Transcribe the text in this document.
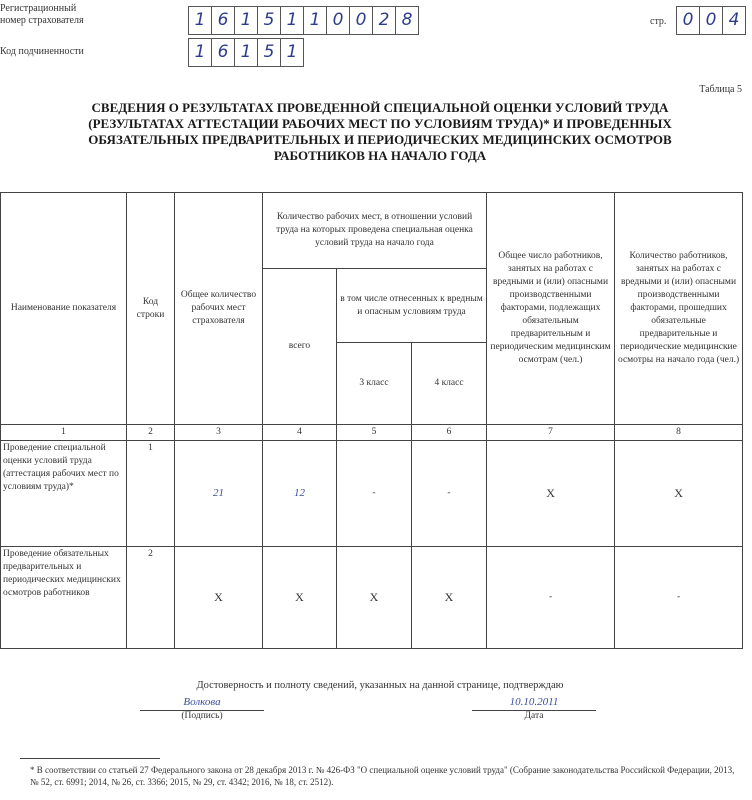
Регистрационный
номер страхователя	1 6 1 5 1 1 0 0 2 8	стр. 0 0 4
Код подчиненности	1 6 1 5 1
Таблица 5
СВЕДЕНИЯ О РЕЗУЛЬТАТАХ ПРОВЕДЕННОЙ СПЕЦИАЛЬНОЙ ОЦЕНКИ УСЛОВИЙ ТРУДА
(РЕЗУЛЬТАТАХ АТТЕСТАЦИИ РАБОЧИХ МЕСТ ПО УСЛОВИЯМ ТРУДА)* И ПРОВЕДЕННЫХ
ОБЯЗАТЕЛЬНЫХ ПРЕДВАРИТЕЛЬНЫХ И ПЕРИОДИЧЕСКИХ МЕДИЦИНСКИХ ОСМОТРОВ
РАБОТНИКОВ НА НАЧАЛО ГОДА
Наименование показателя	Код строки	Общее количество рабочих мест страхователя	Количество рабочих мест, в отношении условий труда на которых проведена специальная оценка условий труда на начало года			Общее число работников, занятых на работах с вредными и (или) опасными производственными факторами, подлежащих обязательным предварительным и периодическим медицинским осмотрам (чел.)	Количество работников, занятых на работах с вредными и (или) опасными производственными факторами, прошедших обязательные предварительные и периодические медицинские осмотры на начало года (чел.)
			всего	в том числе отнесенных к вредным и опасным условиям труда			
				3 класс	4 класс		
1	2	3	4	5	6	7	8
Проведение специальной оценки условий труда (аттестация рабочих мест по условиям труда)*	1	21	12	-	-	X	X
Проведение обязательных предварительных и периодических медицинских осмотров работников	2	X	X	X	X	-	-
Достоверность и полноту сведений, указанных на данной странице, подтверждаю
Волкова
(Подпись)
10.10.2011
Дата
* В соответствии со статьей 27 Федерального закона от 28 декабря 2013 г. № 426-ФЗ "О специальной оценке условий труда" (Собрание законодательства Российской Федерации, 2013, № 52, ст. 6991; 2014, № 26, ст. 3366; 2015, № 29, ст. 4342; 2016, № 18, ст. 2512).
